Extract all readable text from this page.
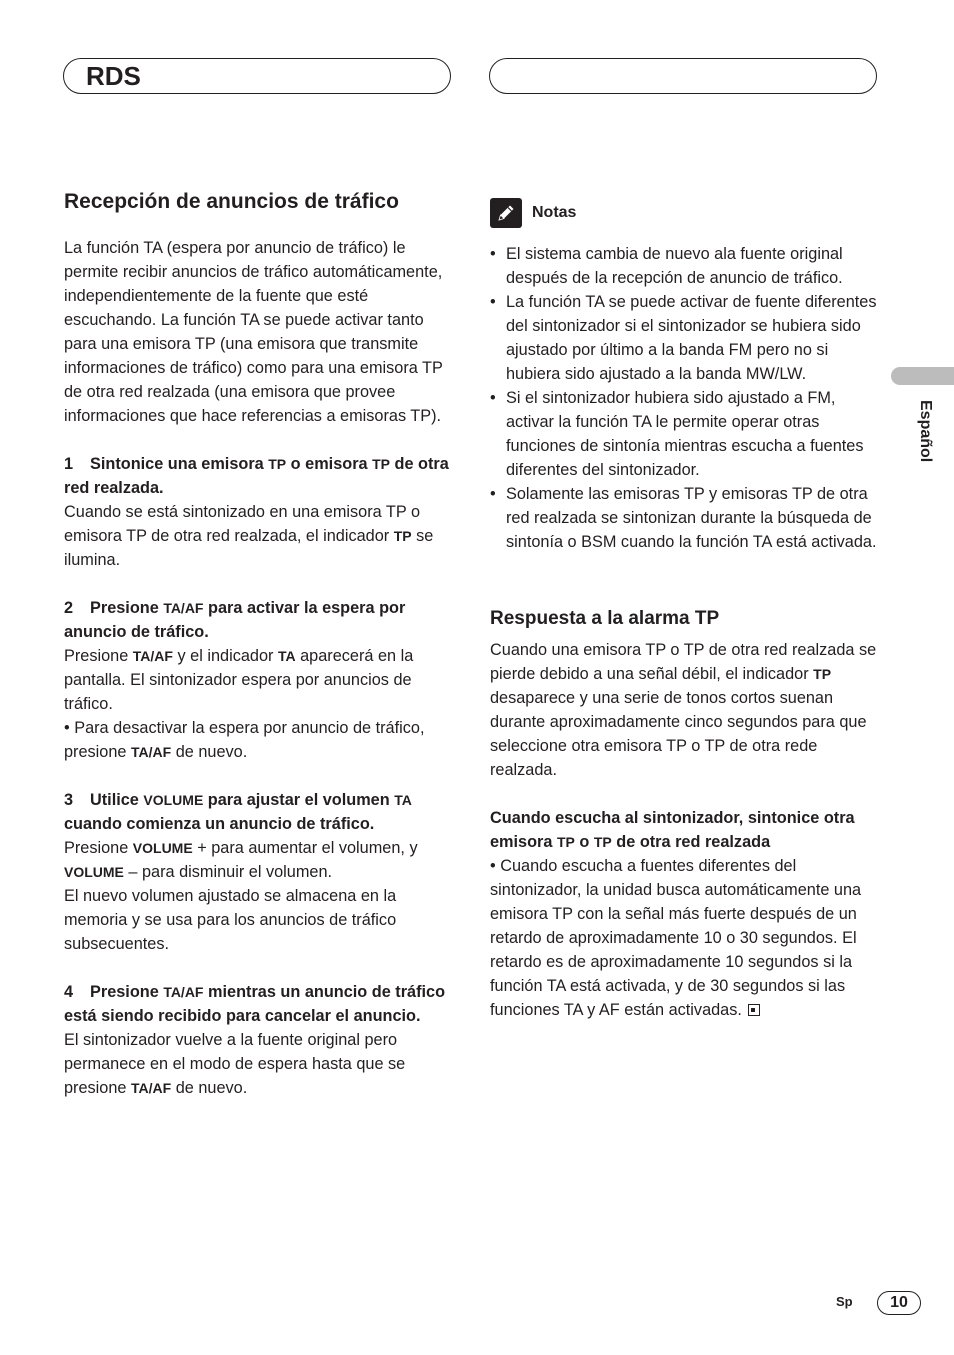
RDS
Recepción de anuncios de tráfico

La función TA (espera por anuncio de tráfico) le permite recibir anuncios de tráfico automáticamente, independientemente de la fuente que esté escuchando. La función TA se puede activar tanto para una emisora TP (una emisora que transmite informaciones de tráfico) como para una emisora TP de otra red realzada (una emisora que provee informaciones que hace referencias a emisoras TP).

1 Sintonice una emisora TP o emisora TP de otra red realzada.

Cuando se está sintonizado en una emisora TP o emisora TP de otra red realzada, el indicador TP se ilumina.

2 Presione TA/AF para activar la espera por anuncio de tráfico.

Presione TA/AF y el indicador TA aparecerá en la pantalla. El sintonizador espera por anuncios de tráfico.

• Para desactivar la espera por anuncio de tráfico, presione TA/AF de nuevo.

3 Utilice VOLUME para ajustar el volumen TA cuando comienza un anuncio de tráfico.

Presione VOLUME + para aumentar el volumen, y VOLUME – para disminuir el volumen.

El nuevo volumen ajustado se almacena en la memoria y se usa para los anuncios de tráfico subsecuentes.

4 Presione TA/AF mientras un anuncio de tráfico está siendo recibido para cancelar el anuncio.

El sintonizador vuelve a la fuente original pero permanece en el modo de espera hasta que se presione TA/AF de nuevo.

Notas
• El sistema cambia de nuevo ala fuente original después de la recepción de anuncio de tráfico.
• La función TA se puede activar de fuente diferentes del sintonizador si el sintonizador se hubiera sido ajustado por último a la banda FM pero no si hubiera sido ajustado a la banda MW/LW.
• Si el sintonizador hubiera sido ajustado a FM, activar la función TA le permite operar otras funciones de sintonía mientras escucha a fuentes diferentes del sintonizador.
• Solamente las emisoras TP y emisoras TP de otra red realzada se sintonizan durante la búsqueda de sintonía o BSM cuando la función TA está activada.
Respuesta a la alarma TP

Cuando una emisora TP o TP de otra red realzada se pierde debido a una señal débil, el indicador TP desaparece y una serie de tonos cortos suenan durante aproximadamente cinco segundos para que seleccione otra emisora TP o TP de otra rede realzada.

Cuando escucha al sintonizador, sintonice otra emisora TP o TP de otra red realzada

• Cuando escucha a fuentes diferentes del sintonizador, la unidad busca automáticamente una emisora TP con la señal más fuerte después de un retardo de aproximadamente 10 o 30 segundos. El retardo es de aproximadamente 10 segundos si la función TA está activada, y de 30 segundos si las funciones TA y AF están activadas.

Español
Sp	10
